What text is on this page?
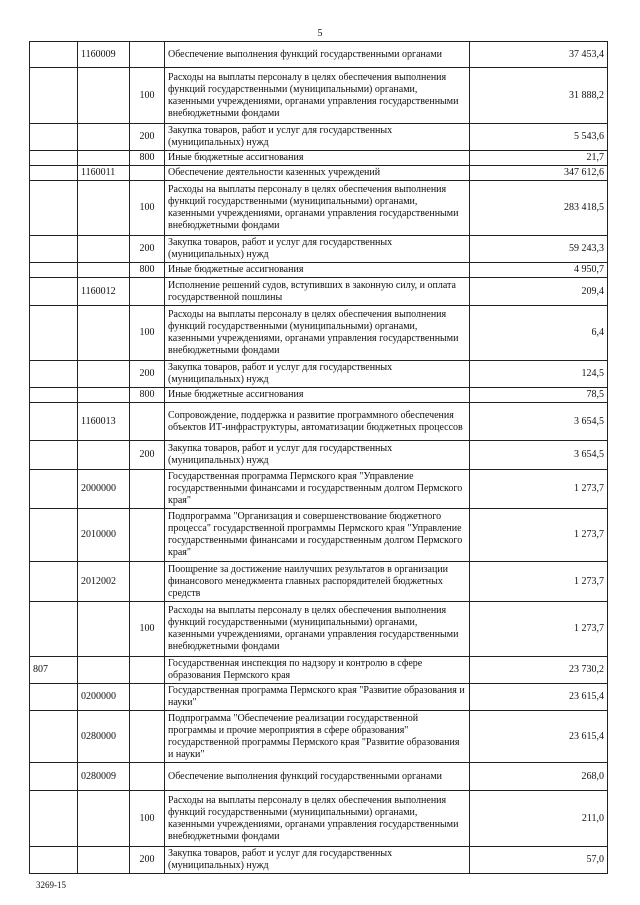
5
	1160009		Обеспечение выполнения функций государственными органами	37 453,4
		100	Расходы на выплаты персоналу в целях обеспечения выполнения функций государственными (муниципальными) органами, казенными учреждениями, органами управления государственными внебюджетными фондами	31 888,2
		200	Закупка товаров, работ и услуг для государственных (муниципальных) нужд	5 543,6
		800	Иные бюджетные ассигнования	21,7
	1160011		Обеспечение деятельности казенных учреждений	347 612,6
		100	Расходы на выплаты персоналу в целях обеспечения выполнения функций государственными (муниципальными) органами, казенными учреждениями, органами управления государственными внебюджетными фондами	283 418,5
		200	Закупка товаров, работ и услуг для государственных (муниципальных) нужд	59 243,3
		800	Иные бюджетные ассигнования	4 950,7
	1160012		Исполнение решений судов, вступивших в законную силу, и оплата государственной пошлины	209,4
		100	Расходы на выплаты персоналу в целях обеспечения выполнения функций государственными (муниципальными) органами, казенными учреждениями, органами управления государственными внебюджетными фондами	6,4
		200	Закупка товаров, работ и услуг для государственных (муниципальных) нужд	124,5
		800	Иные бюджетные ассигнования	78,5
	1160013		Сопровождение, поддержка и развитие программного обеспечения объектов ИТ-инфраструктуры, автоматизации бюджетных процессов	3 654,5
		200	Закупка товаров, работ и услуг для государственных (муниципальных) нужд	3 654,5
	2000000		Государственная программа Пермского края "Управление государственными финансами и государственным долгом Пермского края"	1 273,7
	2010000		Подпрограмма "Организация и совершенствование бюджетного процесса" государственной программы Пермского края "Управление государственными финансами и государственным долгом Пермского края"	1 273,7
	2012002		Поощрение за достижение наилучших результатов в организации финансового менеджмента главных распорядителей бюджетных средств	1 273,7
		100	Расходы на выплаты персоналу в целях обеспечения выполнения функций государственными (муниципальными) органами, казенными учреждениями, органами управления государственными внебюджетными фондами	1 273,7
807			Государственная инспекция по надзору и контролю в сфере образования Пермского края	23 730,2
	0200000		Государственная программа Пермского края "Развитие образования и науки"	23 615,4
	0280000		Подпрограмма "Обеспечение реализации государственной программы и прочие мероприятия в сфере образования" государственной программы Пермского края "Развитие образования и науки"	23 615,4
	0280009		Обеспечение выполнения функций государственными органами	268,0
		100	Расходы на выплаты персоналу в целях обеспечения выполнения функций государственными (муниципальными) органами, казенными учреждениями, органами управления государственными внебюджетными фондами	211,0
		200	Закупка товаров, работ и услуг для государственных (муниципальных) нужд	57,0
3269-15
